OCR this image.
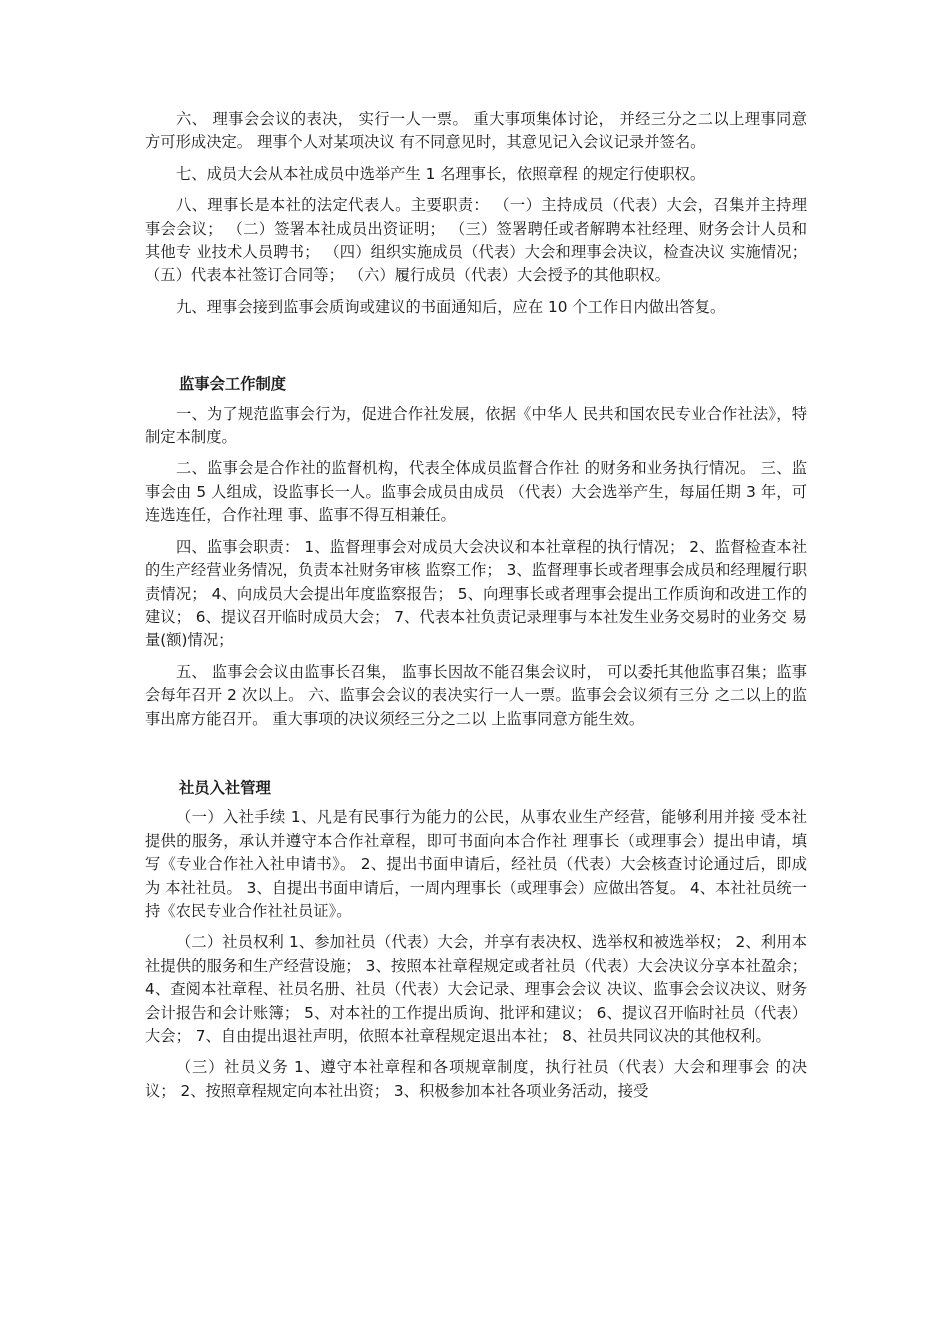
六、 理事会会议的表决， 实行一人一票。 重大事项集体讨论， 并经三分之二以上理事同意方可形成决定。 理事个人对某项决议 有不同意见时，其意见记入会议记录并签名。

七、成员大会从本社成员中选举产生 1 名理事长，依照章程 的规定行使职权。

八、理事长是本社的法定代表人。主要职责： （一）主持成员（代表）大会，召集并主持理事会会议； （二）签署本社成员出资证明； （三）签署聘任或者解聘本社经理、财务会计人员和其他专 业技术人员聘书； （四）组织实施成员（代表）大会和理事会决议，检查决议 实施情况； （五）代表本社签订合同等； （六）履行成员（代表）大会授予的其他职权。

九、理事会接到监事会质询或建议的书面通知后，应在 10 个工作日内做出答复。

监事会工作制度

一、为了规范监事会行为，促进合作社发展，依据《中华人 民共和国农民专业合作社法》，特制定本制度。

二、监事会是合作社的监督机构，代表全体成员监督合作社 的财务和业务执行情况。 三、监事会由 5 人组成，设监事长一人。监事会成员由成员 （代表）大会选举产生，每届任期 3 年，可连选连任，合作社理 事、监事不得互相兼任。

四、监事会职责： 1、监督理事会对成员大会决议和本社章程的执行情况； 2、监督检查本社的生产经营业务情况，负责本社财务审核 监察工作； 3、监督理事长或者理事会成员和经理履行职责情况； 4、向成员大会提出年度监察报告； 5、向理事长或者理事会提出工作质询和改进工作的建议； 6、提议召开临时成员大会； 7、代表本社负责记录理事与本社发生业务交易时的业务交 易量(额)情况；

五、 监事会会议由监事长召集， 监事长因故不能召集会议时， 可以委托其他监事召集；监事会每年召开 2 次以上。 六、监事会会议的表决实行一人一票。监事会会议须有三分 之二以上的监事出席方能召开。 重大事项的决议须经三分之二以 上监事同意方能生效。

社员入社管理

（一）入社手续 1、凡是有民事行为能力的公民，从事农业生产经营，能够利用并接 受本社提供的服务，承认并遵守本合作社章程，即可书面向本合作社 理事长（或理事会）提出申请，填写《专业合作社入社申请书》。 2、提出书面申请后，经社员（代表）大会核查讨论通过后，即成为 本社社员。 3、自提出书面申请后，一周内理事长（或理事会）应做出答复。 4、本社社员统一持《农民专业合作社社员证》。

（二）社员权利 1、参加社员（代表）大会，并享有表决权、选举权和被选举权； 2、利用本社提供的服务和生产经营设施； 3、按照本社章程规定或者社员（代表）大会决议分享本社盈余； 4、查阅本社章程、社员名册、社员（代表）大会记录、理事会会议 决议、监事会会议决议、财务会计报告和会计账簿； 5、对本社的工作提出质询、批评和建议； 6、提议召开临时社员（代表）大会； 7、自由提出退社声明，依照本社章程规定退出本社； 8、社员共同议决的其他权利。

（三）社员义务 1、遵守本社章程和各项规章制度，执行社员（代表）大会和理事会 的决议； 2、按照章程规定向本社出资； 3、积极参加本社各项业务活动，接受
